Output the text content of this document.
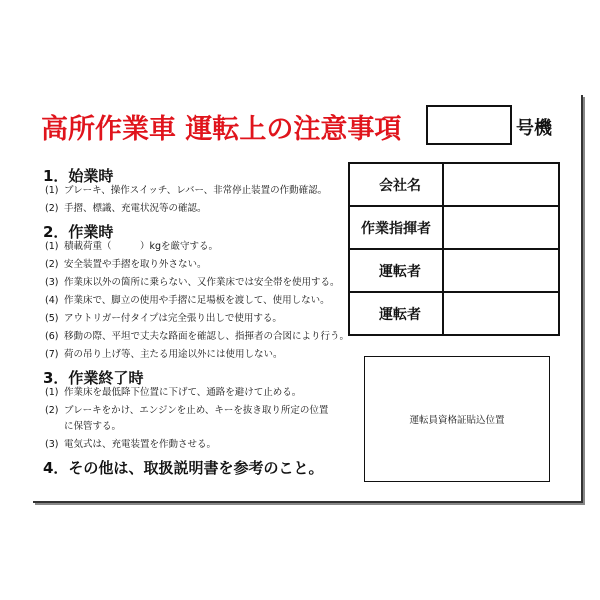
高所作業車 運転上の注意事項	号機
1．始業時
(1) ブレーキ、操作スイッチ、レバー、非常停止装置の作動確認。
(2) 手摺、標識、充電状況等の確認。
2．作業時
(1) 積載荷重（　　　）kgを厳守する。
(2) 安全装置や手摺を取り外さない。
(3) 作業床以外の箇所に乗らない、又作業床では安全帯を使用する。
(4) 作業床で、脚立の使用や手摺に足場板を渡して、使用しない。
(5) アウトリガー付タイプは完全張り出しで使用する。
(6) 移動の際、平坦で丈夫な路面を確認し、指揮者の合図により行う。
(7) 荷の吊り上げ等、主たる用途以外には使用しない。
3．作業終了時
(1) 作業床を最低降下位置に下げて、通路を避けて止める。
(2) ブレーキをかけ、エンジンを止め、キーを抜き取り所定の位置
に保管する。
(3) 電気式は、充電装置を作動させる。
4．その他は、取扱説明書を参考のこと。
会社名	
作業指揮者	
運転者	
運転者	
運転員資格証貼込位置
